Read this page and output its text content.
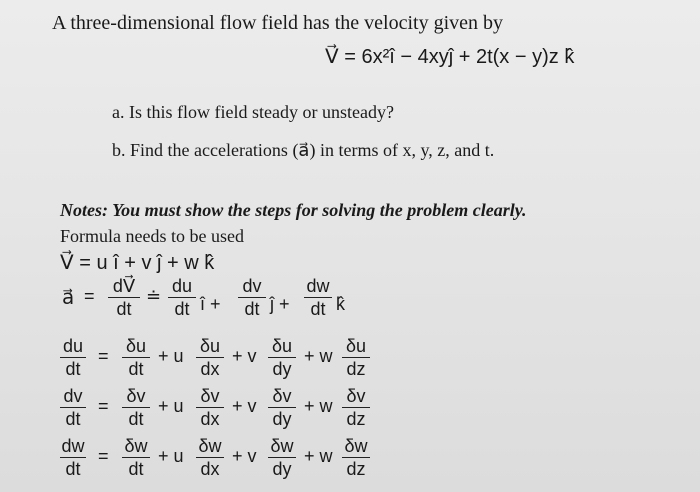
A three-dimensional flow field has the velocity given by
V⃗ = 6x²î − 4xyĵ + 2t(x − y)z k̂
a. Is this flow field steady or unsteady?
b. Find the accelerations (a⃗) in terms of x, y, z, and t.
Notes: You must show the steps for solving the problem clearly.
Formula needs to be used
V⃗ = u î + v ĵ + w k̂
a⃗ = dV⃗
dt
≐ du
dt î +
dv
dt ĵ +
dw
dt k̂
du
dt
= δu
dt
+ u δu
dx
+ v δu
dy
+ w δu
dz
dv
dt
= δv
dt
+ u δv
dx
+ v δv
dy
+ w δv
dz
dw
dt
= δw
dt
+ u δw
dx
+ v δw
dy
+ w δw
dz
